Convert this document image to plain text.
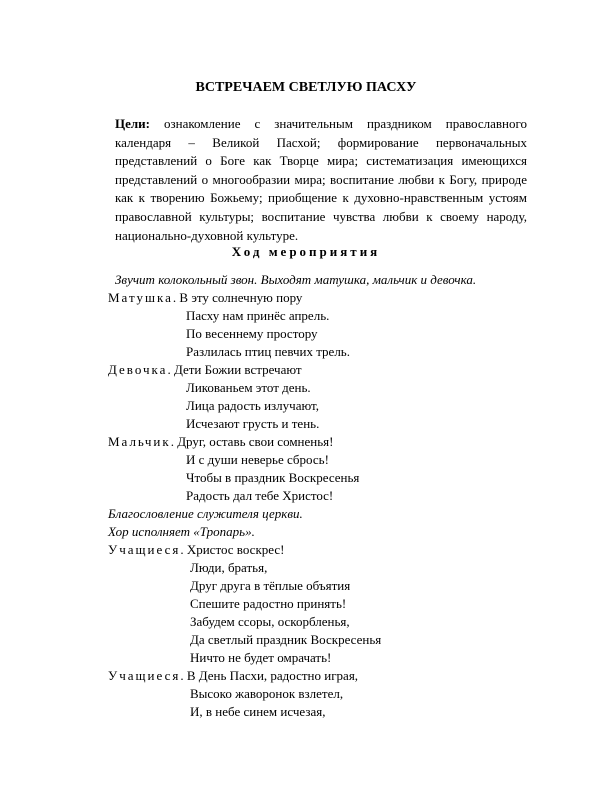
ВСТРЕЧАЕМ СВЕТЛУЮ ПАСХУ

Цели: ознакомление с значительным праздником православного календаря – Великой Пасхой; формирование первоначальных представлений о Боге как Творце мира; систематизация имеющихся представлений о многообразии мира; воспитание любви к Богу, природе как к творению Божьему; приобщение к духовно-нравственным устоям православной культуры; воспитание чувства любви к своему народу, национально-духовной культуре.

Ход мероприятия
Звучит колокольный звон. Выходят матушка, мальчик и девочка.
Матушка. В эту солнечную пору
Пасху нам принёс апрель.
По весеннему простору
Разлилась птиц певчих трель.
Девочка. Дети Божии встречают
Ликованьем этот день.
Лица радость излучают,
Исчезают грусть и тень.
Мальчик. Друг, оставь свои сомненья!
И с души неверье сбрось!
Чтобы в праздник Воскресенья
Радость дал тебе Христос!
Благословление служителя церкви.
Хор исполняет «Тропарь».
Учащиеся. Христос воскрес!
Люди, братья,
Друг друга в тёплые объятия
Спешите радостно принять!
Забудем ссоры, оскорбленья,
Да светлый праздник Воскресенья
Ничто не будет омрачать!
Учащиеся. В День Пасхи, радостно играя,
Высоко жаворонок взлетел,
И, в небе синем исчезая,
